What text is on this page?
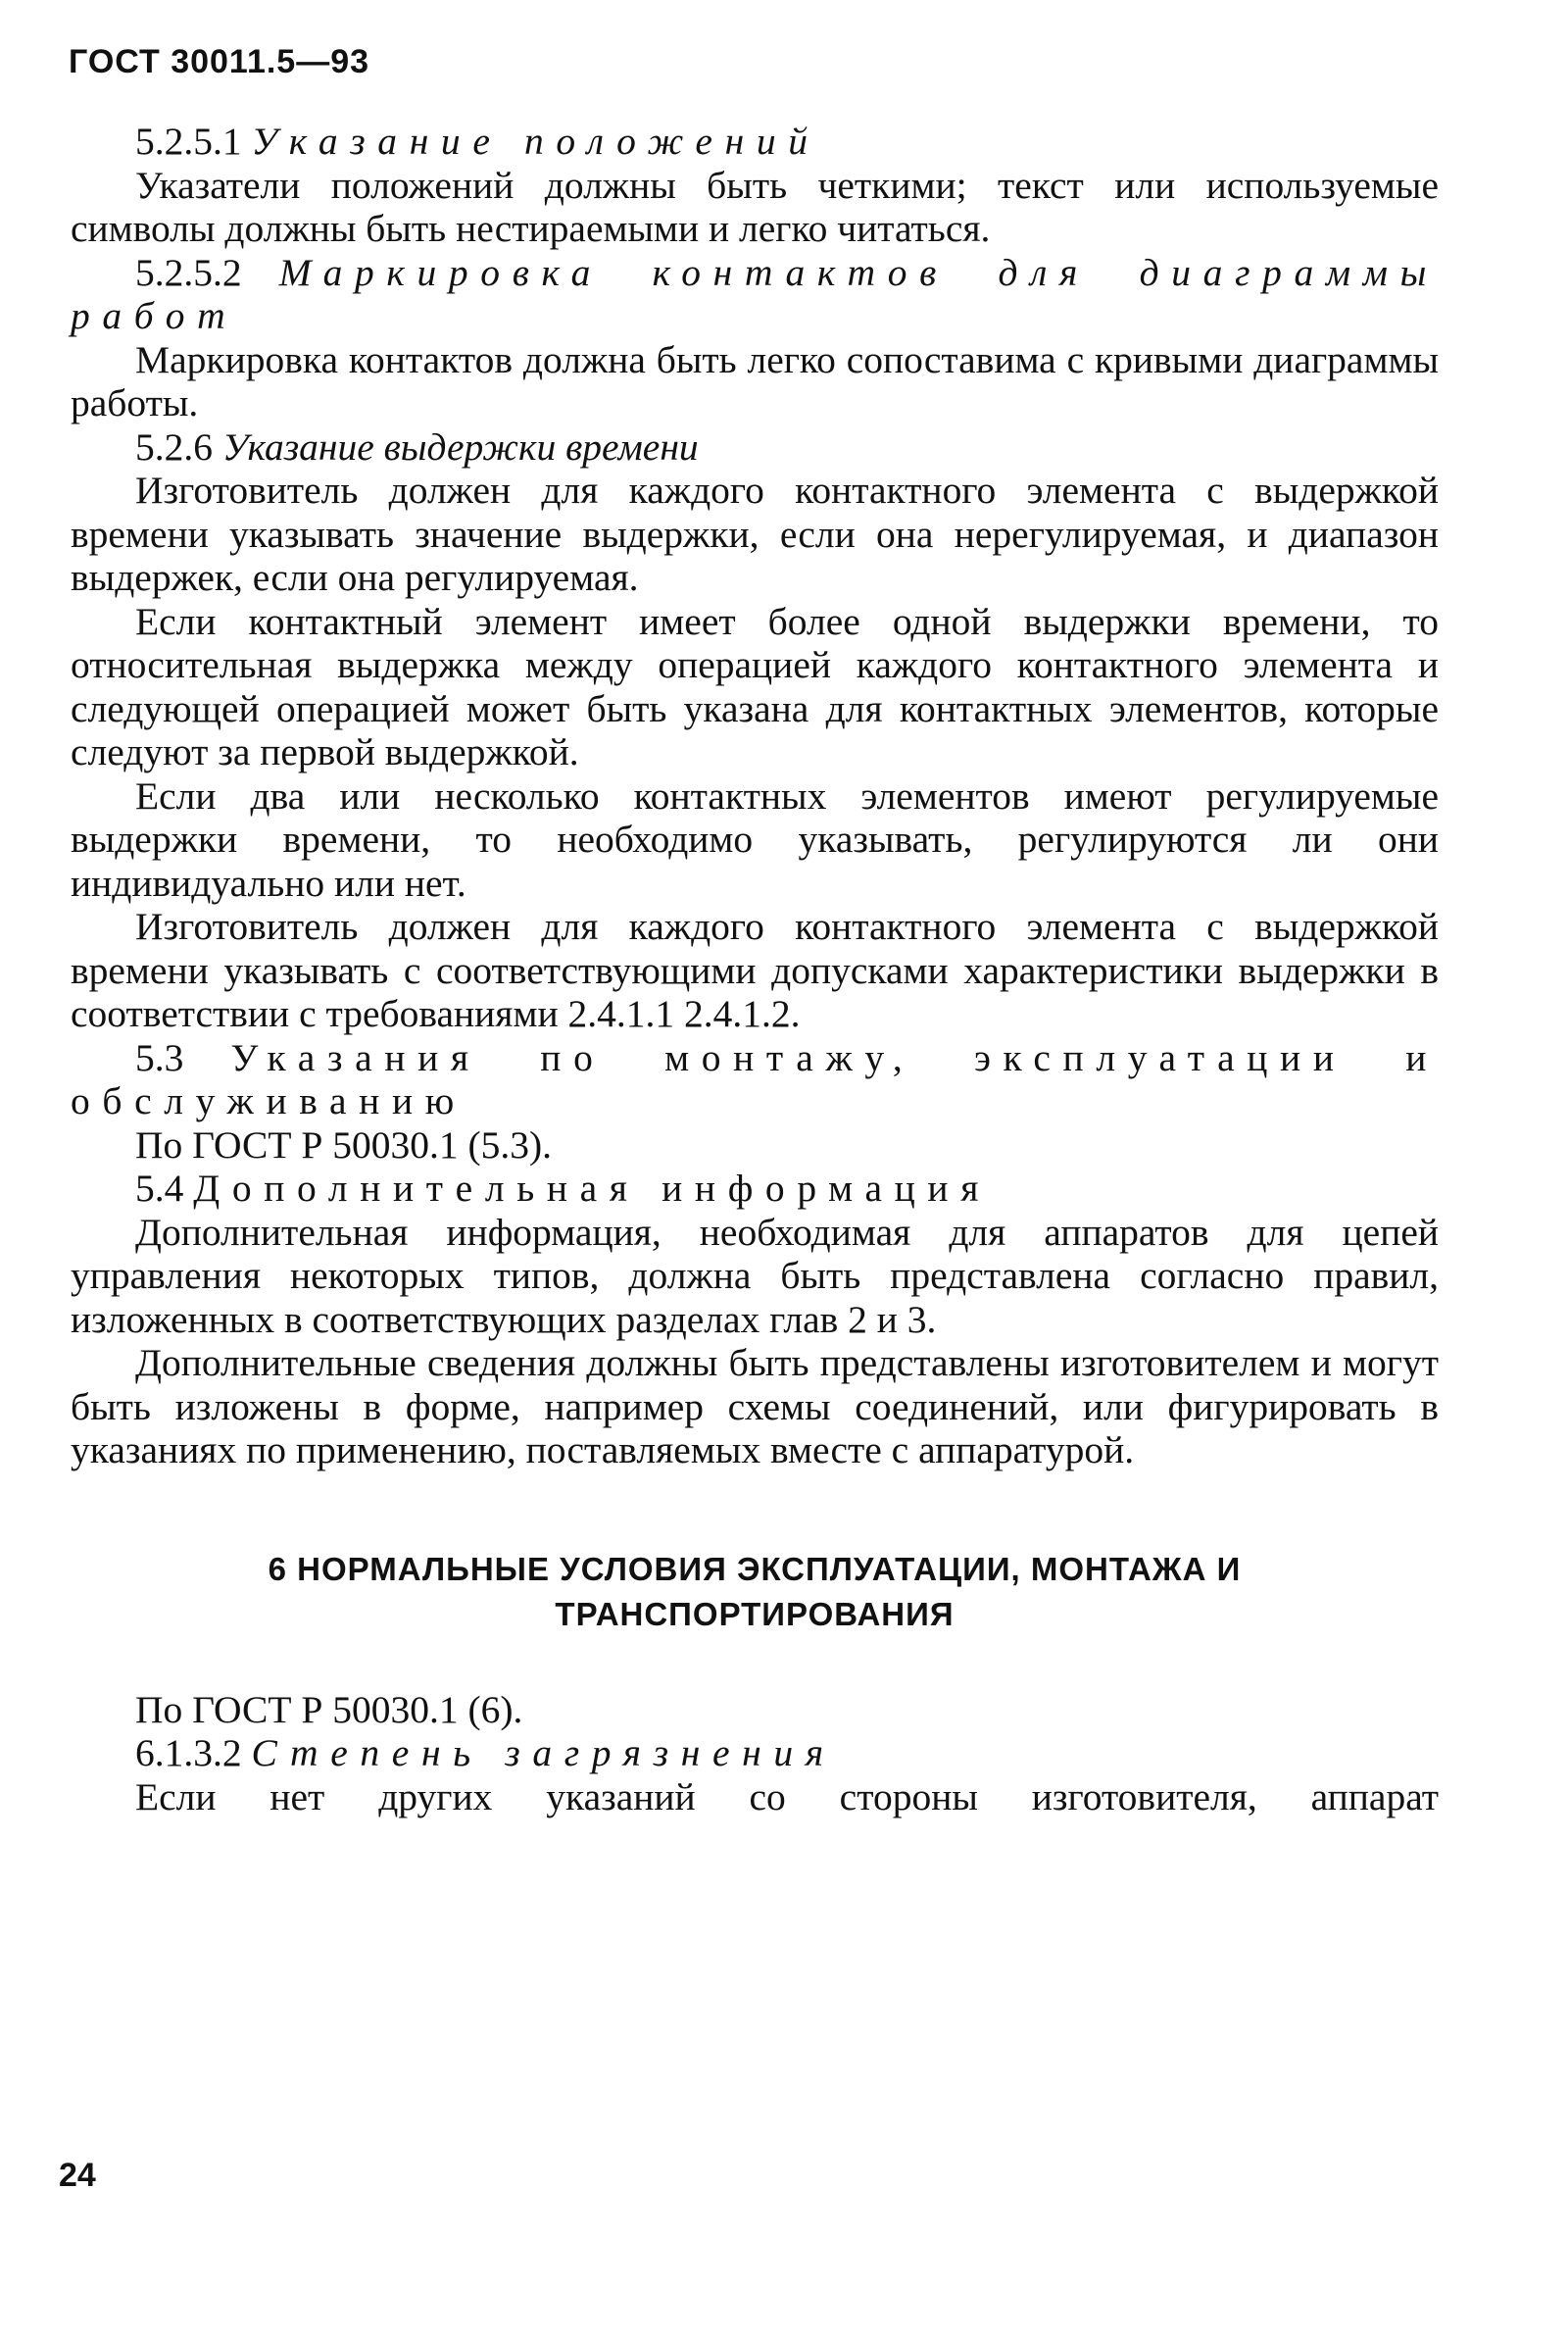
ГОСТ 30011.5—93

5.2.5.1 Указание положений

Указатели положений должны быть четкими; текст или используемые символы должны быть нестираемыми и легко читаться.

5.2.5.2 Маркировка контактов для диаграммы

работ

Маркировка контактов должна быть легко сопоставима с кривыми диаграммы работы.

5.2.6 Указание выдержки времени

Изготовитель должен для каждого контактного элемента с выдержкой времени указывать значение выдержки, если она нерегулируемая, и диапазон выдержек, если она регулируемая.

Если контактный элемент имеет более одной выдержки времени, то относительная выдержка между операцией каждого контактного элемента и следующей операцией может быть указана для контактных элементов, которые следуют за первой выдержкой.

Если два или несколько контактных элементов имеют регулируемые выдержки времени, то необходимо указывать, регулируются ли они индивидуально или нет.

Изготовитель должен для каждого контактного элемента с выдержкой времени указывать с соответствующими допусками характеристики выдержки в соответствии с требованиями 2.4.1.1 2.4.1.2.

5.3 Указания по монтажу, эксплуатации и

обслуживанию

По ГОСТ Р 50030.1 (5.3).

5.4 Дополнительная информация

Дополнительная информация, необходимая для аппаратов для цепей управления некоторых типов, должна быть представлена согласно правил, изложенных в соответствующих разделах глав 2 и 3.

Дополнительные сведения должны быть представлены изготовителем и могут быть изложены в форме, например схемы соединений, или фигурировать в указаниях по применению, поставляемых вместе с аппаратурой.

6 НОРМАЛЬНЫЕ УСЛОВИЯ ЭКСПЛУАТАЦИИ, МОНТАЖА И ТРАНСПОРТИРОВАНИЯ

По ГОСТ Р 50030.1 (6).

6.1.3.2 Степень загрязнения

Если нет других указаний со стороны изготовителя, аппарат

24
